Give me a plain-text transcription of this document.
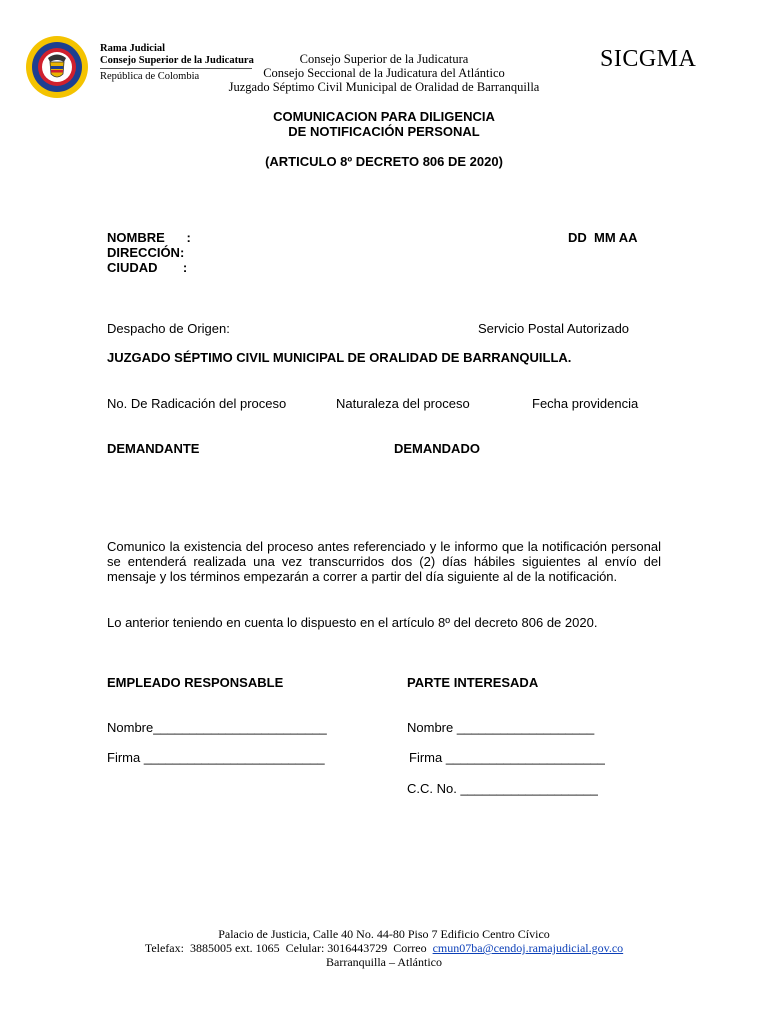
Rama Judicial
Consejo Superior de la Judicatura
República de Colombia
Consejo Superior de la Judicatura
Consejo Seccional de la Judicatura del Atlántico
Juzgado Séptimo Civil Municipal de Oralidad de Barranquilla
SICGMA
COMUNICACION PARA DILIGENCIA
DE NOTIFICACIÓN PERSONAL
(ARTICULO 8º DECRETO 806 DE 2020)
NOMBRE      :
DIRECCIÓN:
CIUDAD       :
DD  MM AA
Despacho de Origen:	Servicio Postal Autorizado
JUZGADO SÉPTIMO CIVIL MUNICIPAL DE ORALIDAD DE BARRANQUILLA.
No. De Radicación del proceso	Naturaleza del proceso	Fecha providencia
DEMANDANTE	DEMANDADO
Comunico la existencia del proceso antes referenciado y le informo que la notificación personal se entenderá realizada una vez transcurridos dos (2) días hábiles siguientes al envío del mensaje y los términos empezarán a correr a partir del día siguiente al de la notificación.
Lo anterior teniendo en cuenta lo dispuesto en el artículo 8º del decreto 806 de 2020.
EMPLEADO RESPONSABLE	PARTE INTERESADA
Nombre________________________	Nombre ___________________
Firma _________________________	Firma ______________________
C.C. No. ___________________
Palacio de Justicia, Calle 40 No. 44-80 Piso 7 Edificio Centro Cívico
Telefax:  3885005 ext. 1065  Celular: 3016443729  Correo  cmun07ba@cendoj.ramajudicial.gov.co
Barranquilla – Atlántico
